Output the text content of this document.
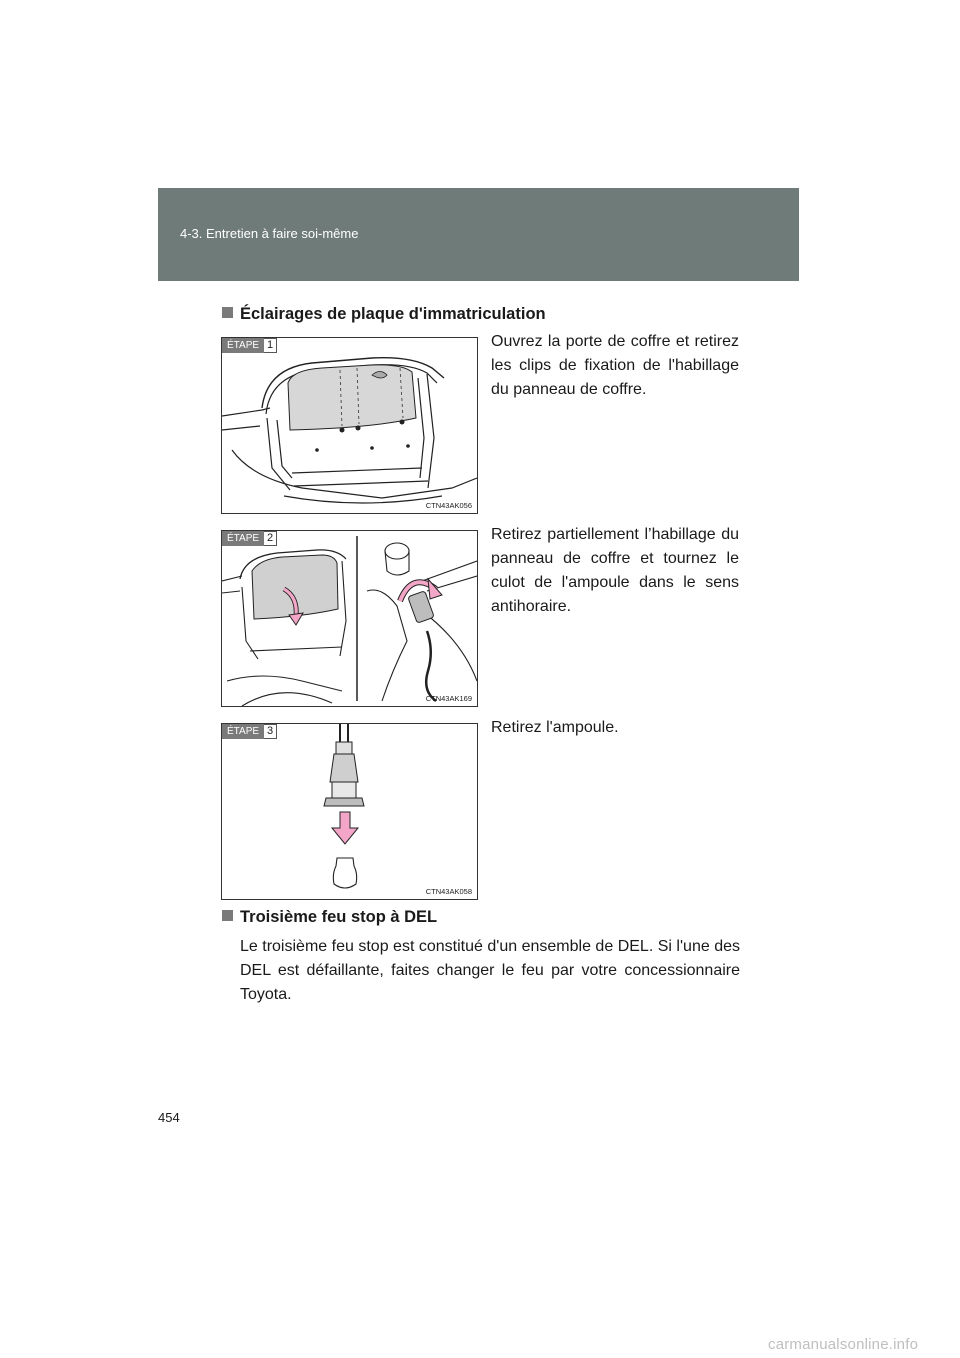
4-3. Entretien à faire soi-même
Éclairages de plaque d'immatriculation
ÉTAPE 1
CTN43AK056
Ouvrez la porte de coffre et retirez les clips de fixation de l'habillage du panneau de coffre.
ÉTAPE 2
CTN43AK169
Retirez partiellement l’habillage du panneau de coffre et tournez le culot de l'ampoule dans le sens antihoraire.
ÉTAPE 3
CTN43AK058
Retirez l'ampoule.
Troisième feu stop à DEL
Le troisième feu stop est constitué d'un ensemble de DEL. Si l'une des DEL est défaillante, faites changer le feu par votre concessionnaire Toyota.
454
carmanualsonline.info
